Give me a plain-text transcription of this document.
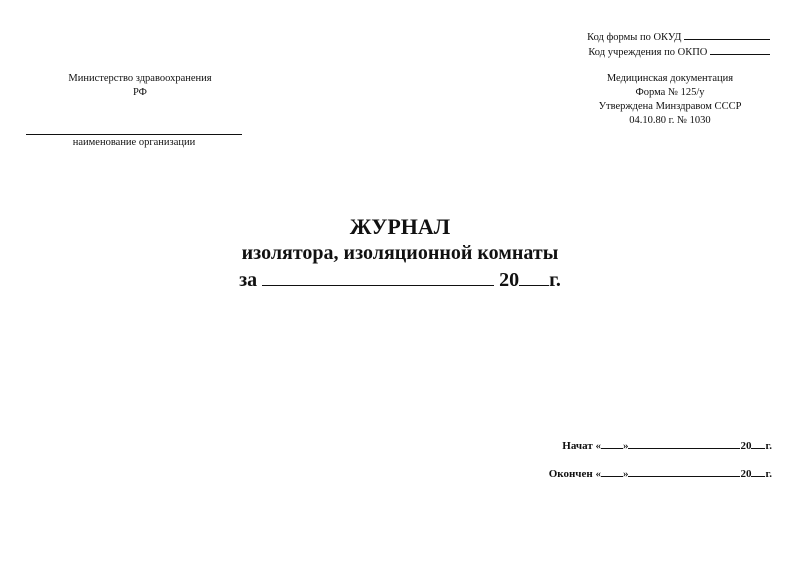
Код формы по ОКУД
Код учреждения по ОКПО
Министерство здравоохранения
РФ
наименование организации
Медицинская документация
Форма № 125/у
Утверждена Минздравом СССР
04.10.80 г. № 1030
ЖУРНАЛ
изолятора, изоляционной комнаты
за	20 г.
Начат « »	20 г.
Окончен « »	20 г.
